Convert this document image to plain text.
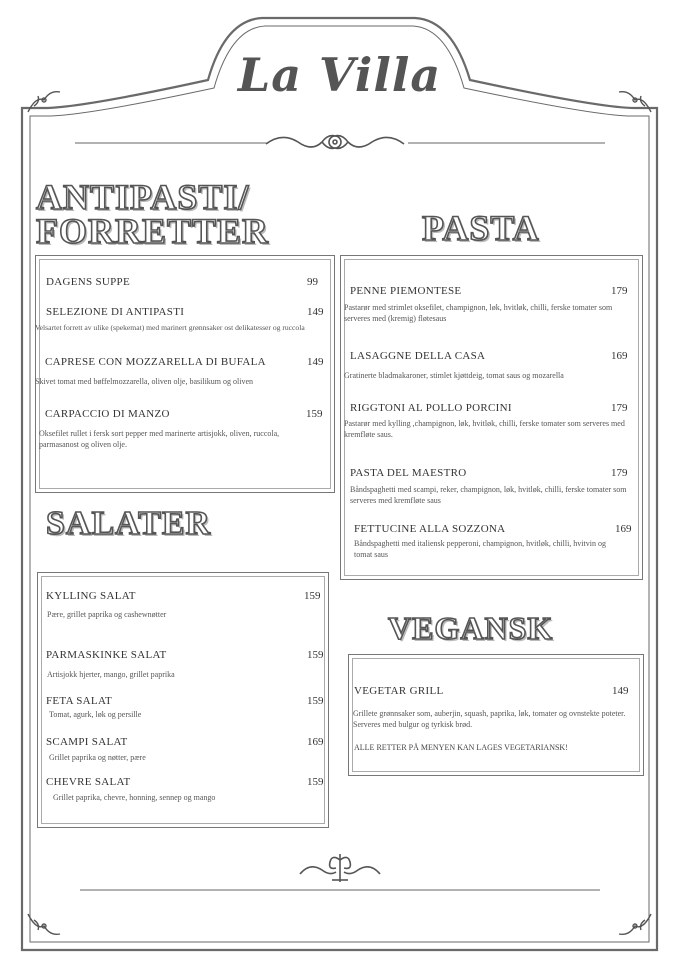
La Villa
ANTIPASTI/
FORRETTER
DAGENS SUPPE	99
SELEZIONE DI ANTIPASTI	149
Velsartet forrett av ulike (spekemat) med marinert grønnsaker ost delikatesser og ruccola
CAPRESE CON MOZZARELLA DI BUFALA	149
Skivet tomat med bøffelmozzarella, oliven olje, basilikum og oliven
CARPACCIO DI MANZO	159
Oksefilet rullet i fersk sort pepper med marinerte artisjokk, oliven, ruccola, parmasanost og oliven olje.
SALATER
KYLLING SALAT	159
Pære, grillet paprika og cashewnøtter
PARMASKINKE SALAT	159
Artisjokk hjerter, mango, grillet paprika
FETA SALAT	159
Tomat, agurk, løk og persille
SCAMPI SALAT	169
Grillet paprika og nøtter, pære
CHEVRE SALAT	159
Grillet paprika, chevre, honning, sennep og mango
PASTA
PENNE PIEMONTESE	179
Pastarør med strimlet oksefilet, champignon, løk, hvitløk, chilli, ferske tomater som serveres med (kremig) fløtesaus
LASAGGNE DELLA CASA	169
Gratinerte bladmakaroner, stimlet kjøttdeig, tomat saus og mozarella
RIGGTONI AL POLLO PORCINI	179
Pastarør med kylling ,champignon, løk, hvitløk, chilli, ferske tomater som serveres med kremfløte saus.
PASTA DEL MAESTRO	179
Båndspaghetti med scampi, reker, champignon, løk, hvitløk, chilli, ferske tomater som serveres med kremfløte saus
FETTUCINE ALLA SOZZONA	169
Båndspaghetti med italiensk pepperoni, champignon, hvitløk, chilli, hvitvin og tomat saus
VEGANSK
VEGETAR GRILL	149
Grillete grønnsaker som, auberjin, squash, paprika, løk, tomater og ovnstekte poteter. Serveres med bulgur og tyrkisk brød.
ALLE RETTER PÅ MENYEN KAN LAGES VEGETARIANSK!
